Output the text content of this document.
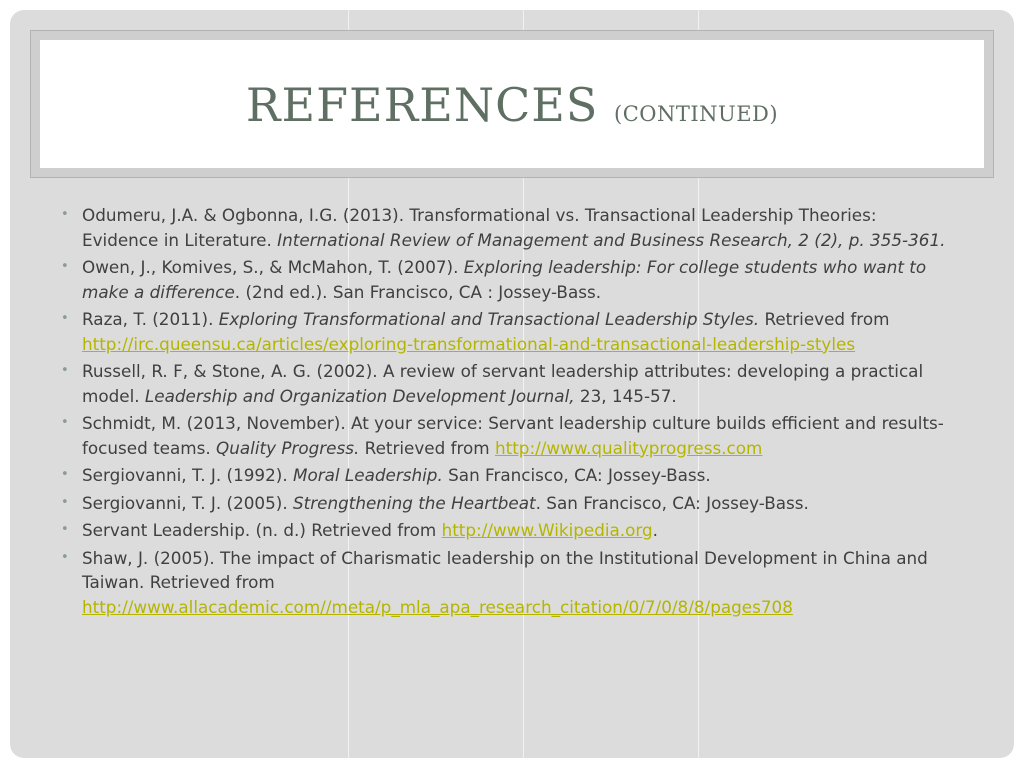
REFERENCES (CONTINUED)
• Odumeru, J.A. & Ogbonna, I.G. (2013). Transformational vs. Transactional Leadership Theories: Evidence in Literature. International Review of Management and Business Research, 2 (2), p. 355-361.
• Owen, J., Komives, S., & McMahon, T. (2007). Exploring leadership: For college students who want to make a difference. (2nd ed.). San Francisco, CA : Jossey-Bass.
• Raza, T. (2011). Exploring Transformational and Transactional Leadership Styles. Retrieved from http://irc.queensu.ca/articles/exploring-transformational-and-transactional-leadership-styles
• Russell, R. F, & Stone, A. G. (2002). A review of servant leadership attributes: developing a practical model. Leadership and Organization Development Journal, 23, 145-57.
• Schmidt, M. (2013, November). At your service: Servant leadership culture builds efficient and results-focused teams. Quality Progress. Retrieved from http://www.qualityprogress.com
• Sergiovanni, T. J. (1992). Moral Leadership. San Francisco, CA: Jossey-Bass.
• Sergiovanni, T. J. (2005). Strengthening the Heartbeat. San Francisco, CA: Jossey-Bass.
• Servant Leadership. (n. d.) Retrieved from http://www.Wikipedia.org.
• Shaw, J. (2005). The impact of Charismatic leadership on the Institutional Development in China and Taiwan. Retrieved from http://www.allacademic.com//meta/p_mla_apa_research_citation/0/7/0/8/8/pages708
